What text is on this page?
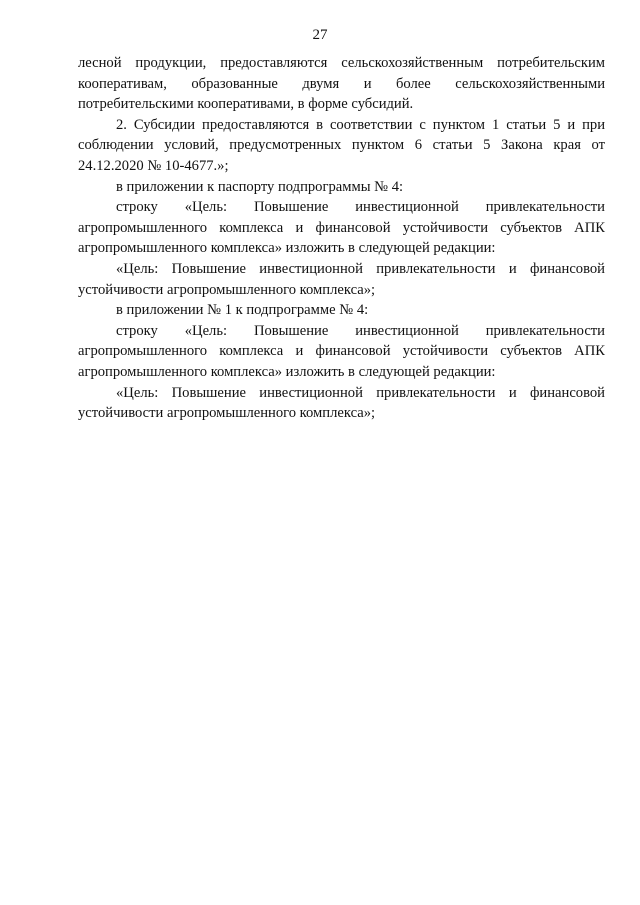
27

лесной продукции, предоставляются сельскохозяйственным потребительским кооперативам, образованные двумя и более сельскохозяйственными потребительскими кооперативами, в форме субсидий.

2. Субсидии предоставляются в соответствии с пунктом 1 статьи 5 и при соблюдении условий, предусмотренных пунктом 6 статьи 5 Закона края от 24.12.2020 № 10-4677.»;

в приложении к паспорту подпрограммы № 4:

строку «Цель: Повышение инвестиционной привлекательности агропромышленного комплекса и финансовой устойчивости субъектов АПК агропромышленного комплекса» изложить в следующей редакции:

«Цель: Повышение инвестиционной привлекательности и финансовой устойчивости агропромышленного комплекса»;

в приложении № 1 к подпрограмме № 4:

строку «Цель: Повышение инвестиционной привлекательности агропромышленного комплекса и финансовой устойчивости субъектов АПК агропромышленного комплекса» изложить в следующей редакции:

«Цель: Повышение инвестиционной привлекательности и финансовой устойчивости агропромышленного комплекса»;
